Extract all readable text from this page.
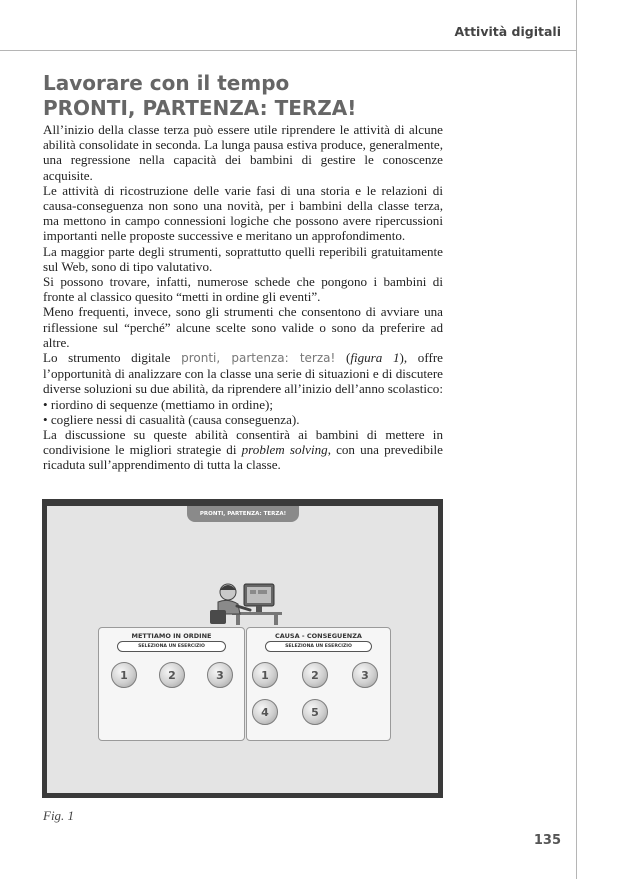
Attività digitali
Lavorare con il tempo
PRONTI, PARTENZA: TERZA!

All’inizio della classe terza può essere utile riprendere le attività di alcune abilità consolidate in seconda. La lunga pausa estiva produce, generalmente, una regressione nella capacità dei bambini di gestire le conoscenze acquisite.

Le attività di ricostruzione delle varie fasi di una storia e le relazioni di causa-conseguenza non sono una novità, per i bambini della classe terza, ma mettono in campo connessioni logiche che possono avere ripercussioni importanti nelle proposte successive e meritano un approfondimento.

La maggior parte degli strumenti, soprattutto quelli reperibili gratuitamente sul Web, sono di tipo valutativo.

Si possono trovare, infatti, numerose schede che pongono i bambini di fronte al classico quesito “metti in ordine gli eventi”.

Meno frequenti, invece, sono gli strumenti che consentono di avviare una riflessione sul “perché” alcune scelte sono valide o sono da preferire ad altre.

Lo strumento digitale pronti, partenza: terza! (figura 1), offre l’opportunità di analizzare con la classe una serie di situazioni e di discutere diverse soluzioni su due abilità, da riprendere all’inizio dell’anno scolastico:

• riordino di sequenze (mettiamo in ordine);

• cogliere nessi di casualità (causa conseguenza).

La discussione su queste abilità consentirà ai bambini di mettere in condivisione le migliori strategie di problem solving, con una prevedibile ricaduta sull’apprendimento di tutta la classe.

PRONTI, PARTENZA: TERZA!
METTIAMO IN ORDINE
SELEZIONA UN ESERCIZIO
1	2	3
CAUSA - CONSEGUENZA
SELEZIONA UN ESERCIZIO
1	2	3
4	5

Fig. 1

135
